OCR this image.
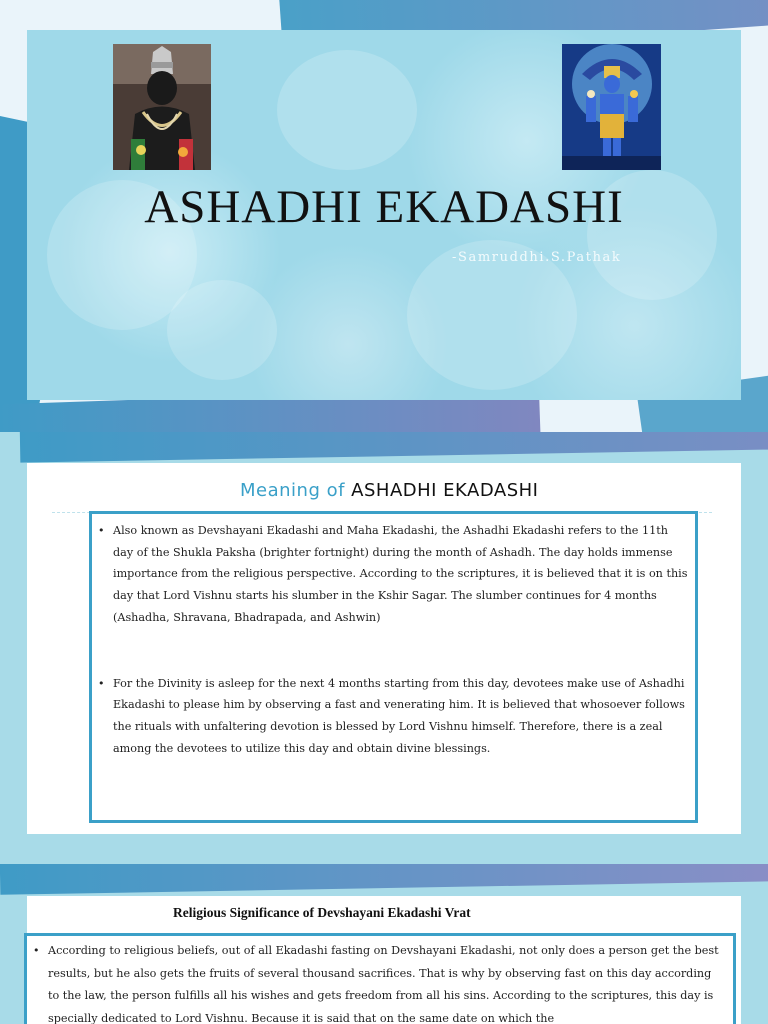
ASHADHI EKADASHI
-Samruddhi.S.Pathak
Meaning of ASHADHI EKADASHI
• Also known as Devshayani Ekadashi and Maha Ekadashi, the Ashadhi Ekadashi refers to the 11th day of the Shukla Paksha (brighter fortnight) during the month of Ashadh. The day holds immense importance from the religious perspective. According to the scriptures, it is believed that it is on this day that Lord Vishnu starts his slumber in the Kshir Sagar. The slumber continues for 4 months (Ashadha, Shravana, Bhadrapada, and Ashwin)
• For the Divinity is asleep for the next 4 months starting from this day, devotees make use of Ashadhi Ekadashi to please him by observing a fast and venerating him. It is believed that whosoever follows the rituals with unfaltering devotion is blessed by Lord Vishnu himself. Therefore, there is a zeal among the devotees to utilize this day and obtain divine blessings.
Religious Significance of Devshayani Ekadashi Vrat
• According to religious beliefs, out of all Ekadashi fasting on Devshayani Ekadashi, not only does a person get the best results, but he also gets the fruits of several thousand sacrifices. That is why by observing fast on this day according to the law, the person fulfills all his wishes and gets freedom from all his sins. According to the scriptures, this day is specially dedicated to Lord Vishnu. Because it is said that on the same date on which the
